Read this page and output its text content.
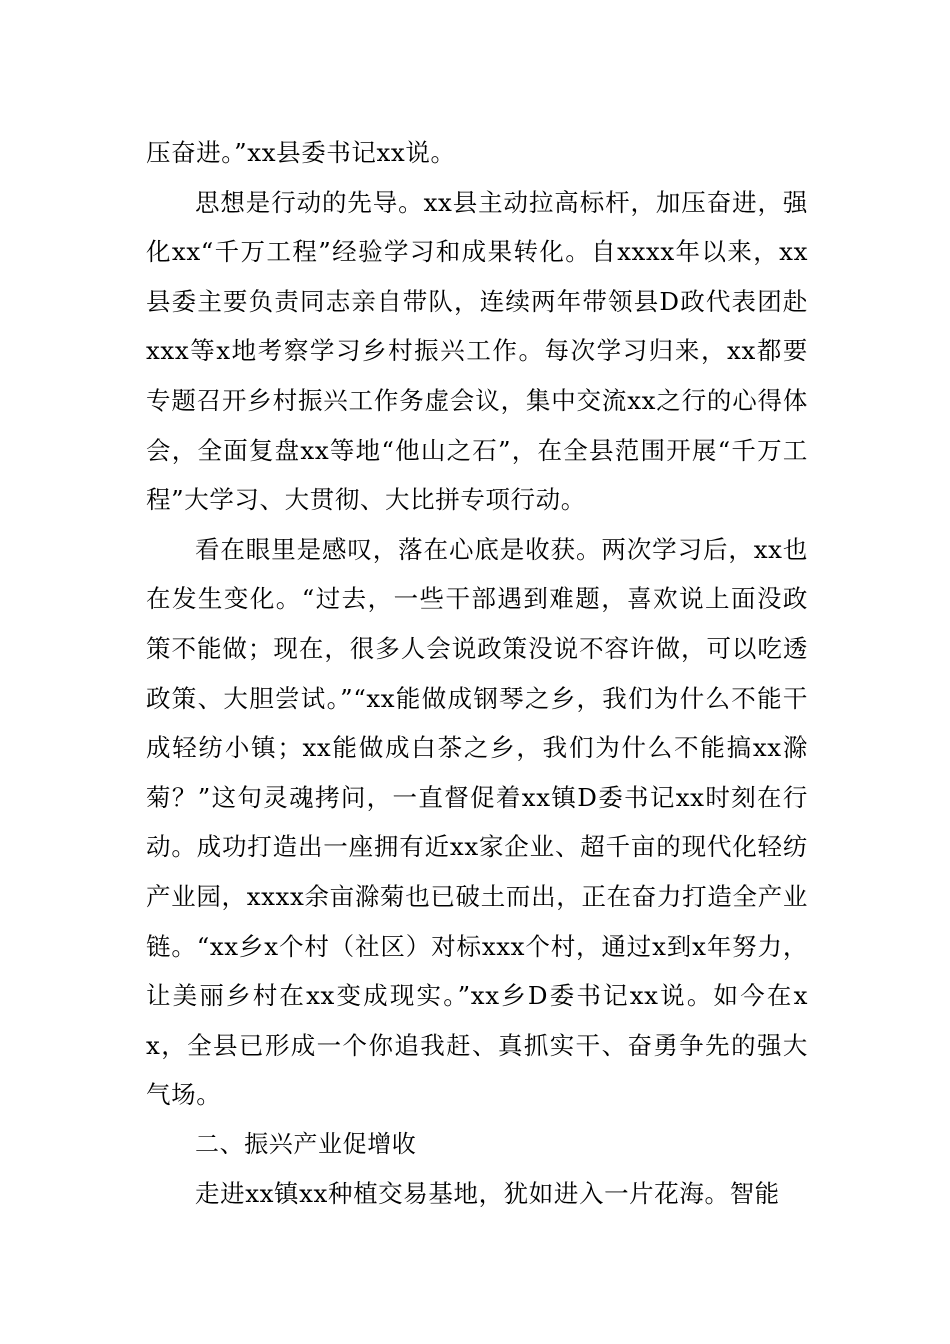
压奋进。”xx县委书记xx说。

思想是行动的先导。xx县主动拉高标杆，加压奋进，强化xx“千万工程”经验学习和成果转化。自xxxx年以来，xx县委主要负责同志亲自带队，连续两年带领县D政代表团赴xxx等x地考察学习乡村振兴工作。每次学习归来，xx都要专题召开乡村振兴工作务虚会议，集中交流xx之行的心得体会，全面复盘xx等地“他山之石”，在全县范围开展“千万工程”大学习、大贯彻、大比拼专项行动。

看在眼里是感叹，落在心底是收获。两次学习后，xx也在发生变化。“过去，一些干部遇到难题，喜欢说上面没政策不能做；现在，很多人会说政策没说不容许做，可以吃透政策、大胆尝试。”“xx能做成钢琴之乡，我们为什么不能干成轻纺小镇；xx能做成白茶之乡，我们为什么不能搞xx滁菊？”这句灵魂拷问，一直督促着xx镇D委书记xx时刻在行动。成功打造出一座拥有近xx家企业、超千亩的现代化轻纺产业园，xxxx余亩滁菊也已破土而出，正在奋力打造全产业链。“xx乡x个村（社区）对标xxx个村，通过x到x年努力，让美丽乡村在xx变成现实。”xx乡D委书记xx说。如今在xx，全县已形成一个你追我赶、真抓实干、奋勇争先的强大气场。

二、振兴产业促增收

走进xx镇xx种植交易基地，犹如进入一片花海。智能
